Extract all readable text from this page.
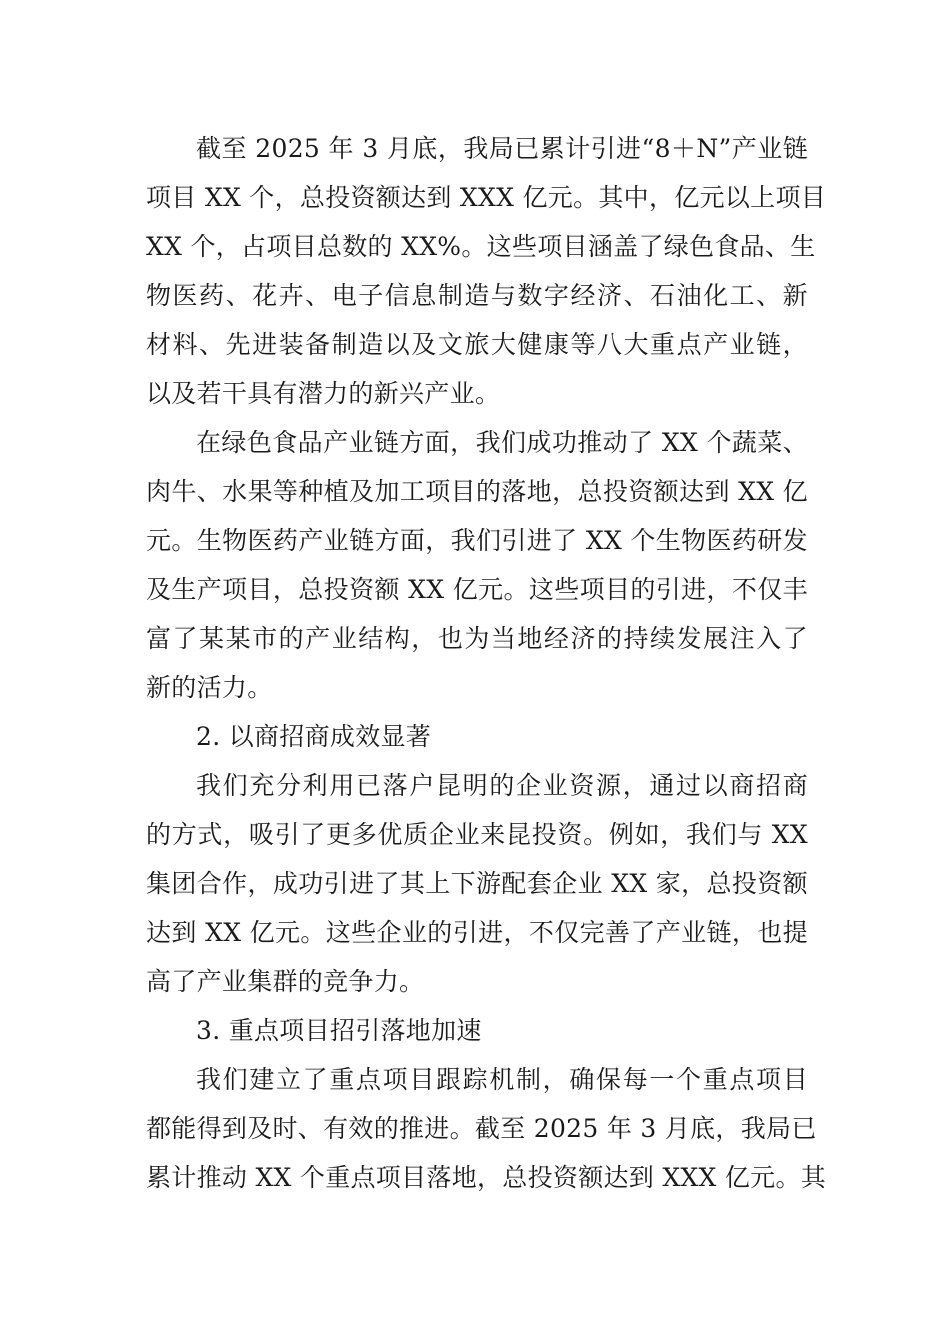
截至 2025 年 3 月底，我局已累计引进“8＋N”产业链
项目 XX 个，总投资额达到 XXX 亿元。其中，亿元以上项目
XX 个，占项目总数的 XX%。这些项目涵盖了绿色食品、生
物医药、花卉、电子信息制造与数字经济、石油化工、新
材料、先进装备制造以及文旅大健康等八大重点产业链，
以及若干具有潜力的新兴产业。
在绿色食品产业链方面，我们成功推动了 XX 个蔬菜、
肉牛、水果等种植及加工项目的落地，总投资额达到 XX 亿
元。生物医药产业链方面，我们引进了 XX 个生物医药研发
及生产项目，总投资额 XX 亿元。这些项目的引进，不仅丰
富了某某市的产业结构，也为当地经济的持续发展注入了
新的活力。
2. 以商招商成效显著
我们充分利用已落户昆明的企业资源，通过以商招商
的方式，吸引了更多优质企业来昆投资。例如，我们与 XX
集团合作，成功引进了其上下游配套企业 XX 家，总投资额
达到 XX 亿元。这些企业的引进，不仅完善了产业链，也提
高了产业集群的竞争力。
3. 重点项目招引落地加速
我们建立了重点项目跟踪机制，确保每一个重点项目
都能得到及时、有效的推进。截至 2025 年 3 月底，我局已
累计推动 XX 个重点项目落地，总投资额达到 XXX 亿元。其
